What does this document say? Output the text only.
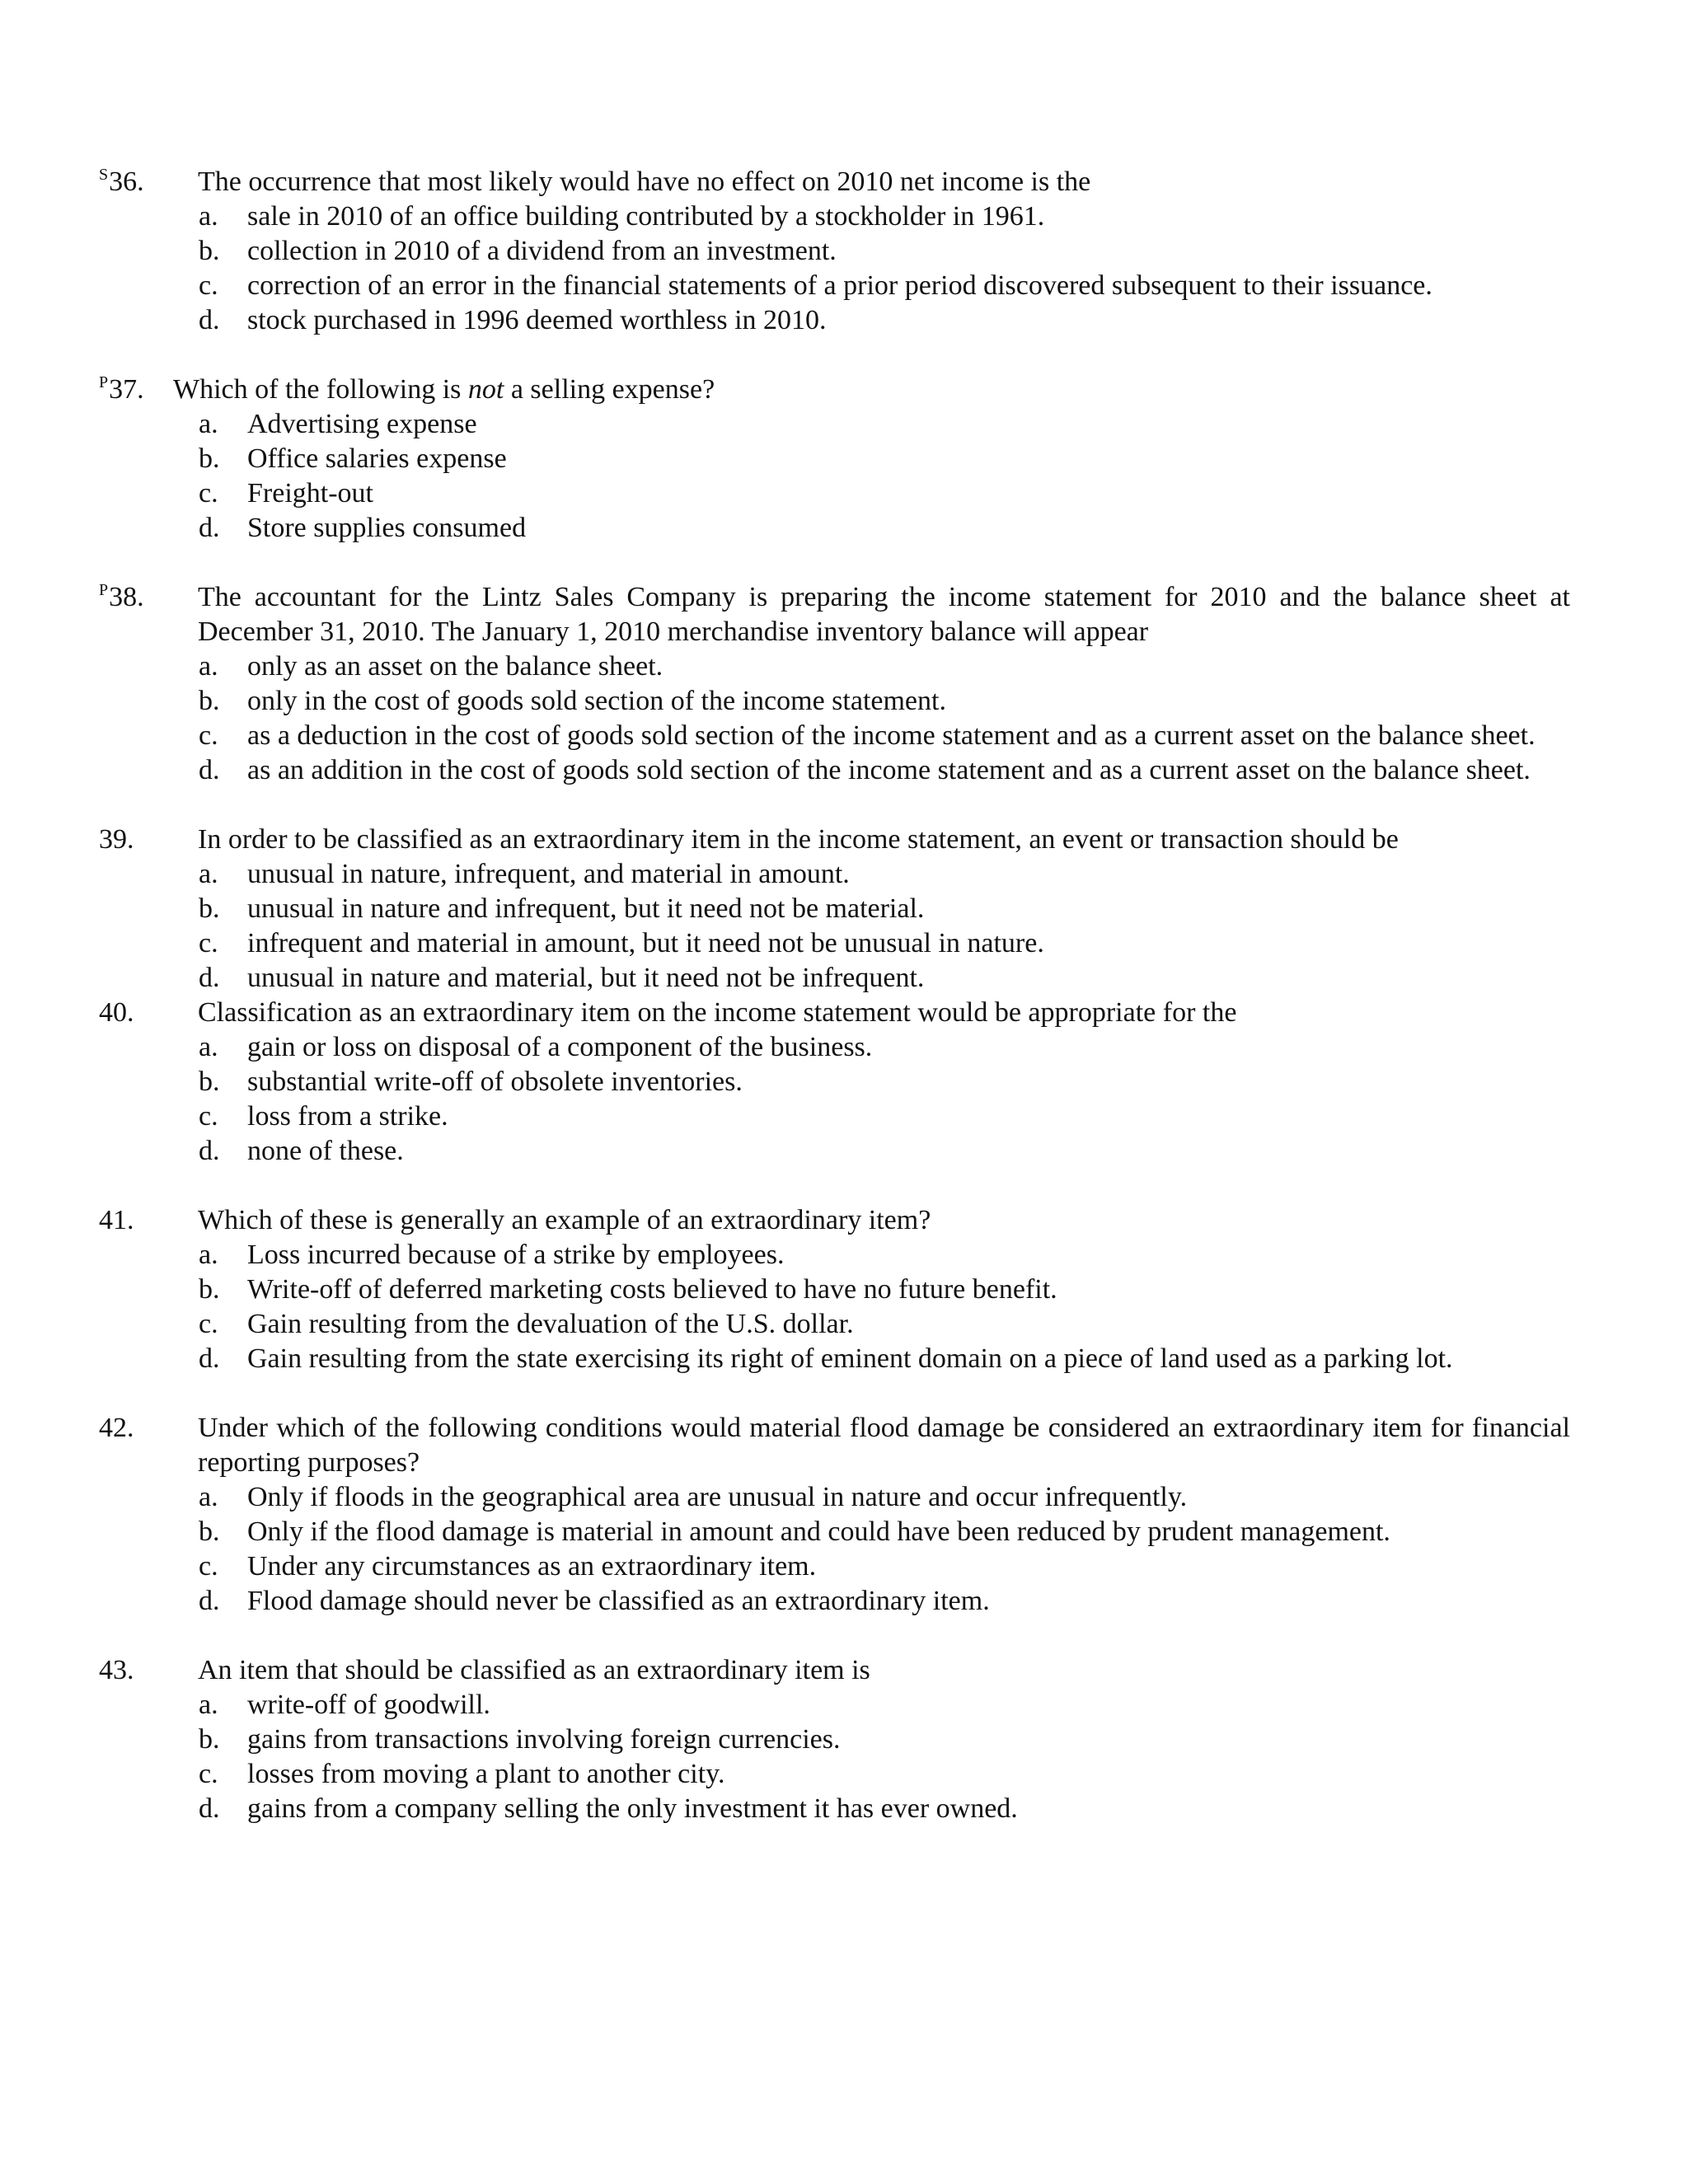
$^S$36. The occurrence that most likely would have no effect on 2010 net income is the
a. sale in 2010 of an office building contributed by a stockholder in 1961.
b. collection in 2010 of a dividend from an investment.
c. correction of an error in the financial statements of a prior period discovered subsequent to their issuance.
d. stock purchased in 1996 deemed worthless in 2010.
$^P$37. Which of the following is not a selling expense?
a. Advertising expense
b. Office salaries expense
c. Freight-out
d. Store supplies consumed
$^P$38. The accountant for the Lintz Sales Company is preparing the income statement for 2010 and the balance sheet at December 31, 2010. The January 1, 2010 merchandise inventory balance will appear
a. only as an asset on the balance sheet.
b. only in the cost of goods sold section of the income statement.
c. as a deduction in the cost of goods sold section of the income statement and as a current asset on the balance sheet.
d. as an addition in the cost of goods sold section of the income statement and as a current asset on the balance sheet.
39. In order to be classified as an extraordinary item in the income statement, an event or transaction should be
a. unusual in nature, infrequent, and material in amount.
b. unusual in nature and infrequent, but it need not be material.
c. infrequent and material in amount, but it need not be unusual in nature.
d. unusual in nature and material, but it need not be infrequent.
40. Classification as an extraordinary item on the income statement would be appropriate for the
a. gain or loss on disposal of a component of the business.
b. substantial write-off of obsolete inventories.
c. loss from a strike.
d. none of these.
41. Which of these is generally an example of an extraordinary item?
a. Loss incurred because of a strike by employees.
b. Write-off of deferred marketing costs believed to have no future benefit.
c. Gain resulting from the devaluation of the U.S. dollar.
d. Gain resulting from the state exercising its right of eminent domain on a piece of land used as a parking lot.
42. Under which of the following conditions would material flood damage be considered an extraordinary item for financial reporting purposes?
a. Only if floods in the geographical area are unusual in nature and occur infrequently.
b. Only if the flood damage is material in amount and could have been reduced by prudent management.
c. Under any circumstances as an extraordinary item.
d. Flood damage should never be classified as an extraordinary item.
43. An item that should be classified as an extraordinary item is
a. write-off of goodwill.
b. gains from transactions involving foreign currencies.
c. losses from moving a plant to another city.
d. gains from a company selling the only investment it has ever owned.
